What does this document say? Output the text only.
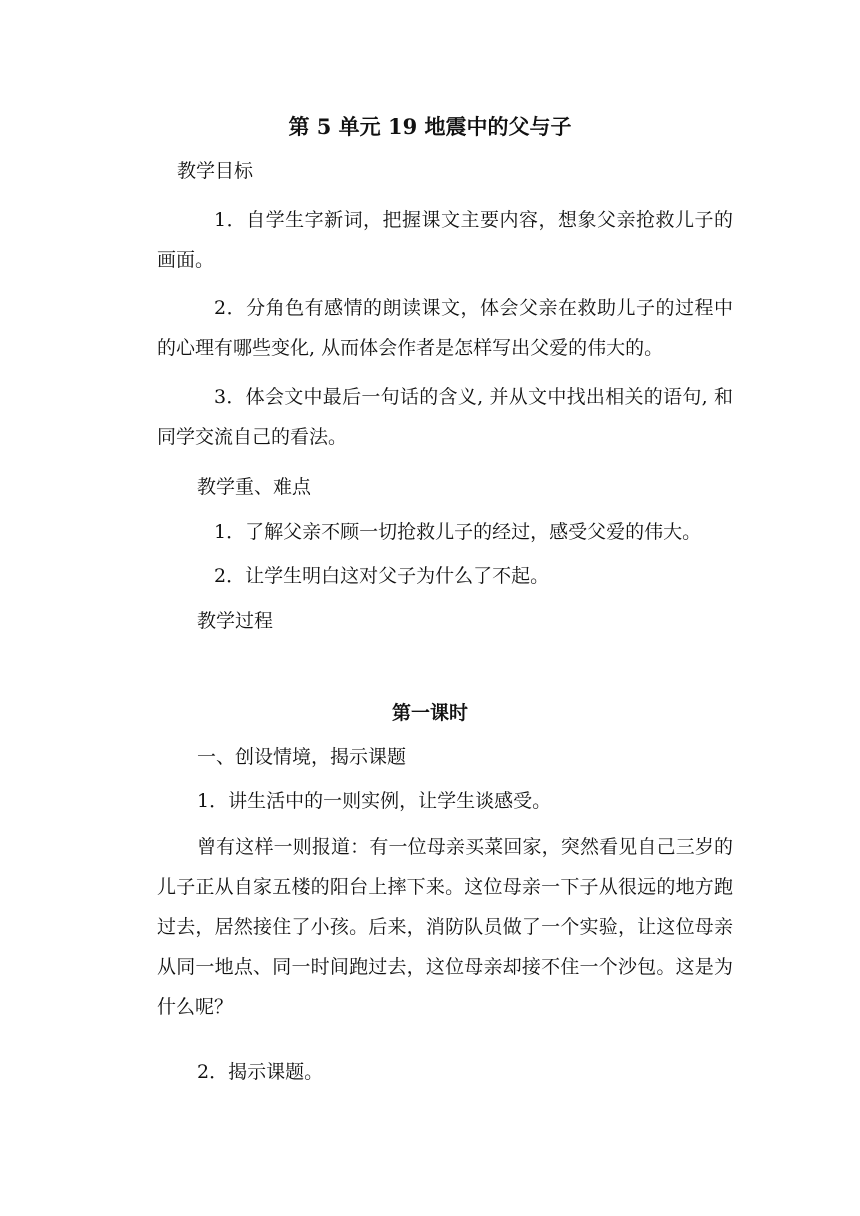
第 5 单元 19 地震中的父与子
教学目标
1．自学生字新词，把握课文主要内容，想象父亲抢救儿子的画面。
2．分角色有感情的朗读课文，体会父亲在救助儿子的过程中的心理有哪些变化, 从而体会作者是怎样写出父爱的伟大的。
3．体会文中最后一句话的含义, 并从文中找出相关的语句, 和同学交流自己的看法。
教学重、难点
1．了解父亲不顾一切抢救儿子的经过，感受父爱的伟大。
2．让学生明白这对父子为什么了不起。
教学过程
第一课时
一、创设情境，揭示课题
1．讲生活中的一则实例，让学生谈感受。
曾有这样一则报道：有一位母亲买菜回家，突然看见自己三岁的儿子正从自家五楼的阳台上摔下来。这位母亲一下子从很远的地方跑过去，居然接住了小孩。后来，消防队员做了一个实验，让这位母亲从同一地点、同一时间跑过去，这位母亲却接不住一个沙包。这是为什么呢？
2．揭示课题。
